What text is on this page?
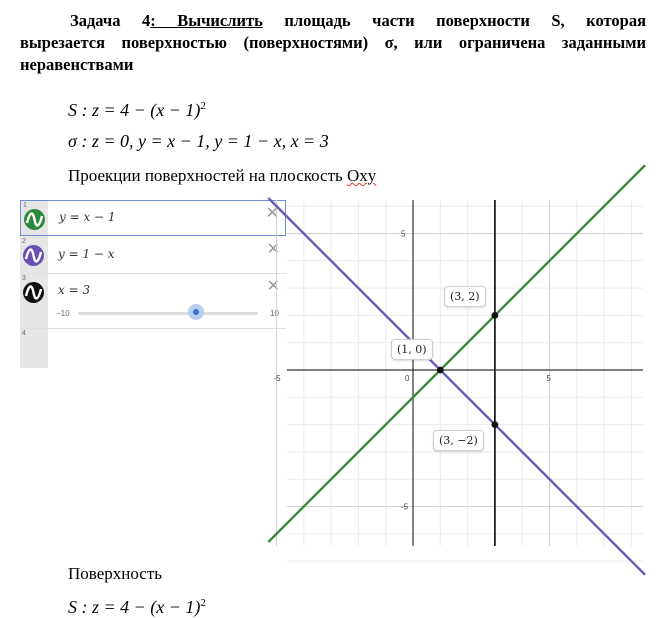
Задача 4: Вычислить площадь части поверхности S, которая
вырезается поверхностью (поверхностями) σ, или ограничена заданными
неравенствами
S : $z = 4 - (x - 1)^2$
σ : z = 0, y = x − 1, y = 1 − x, x = 3
Проекции поверхностей на плоскость Oxy
1
y = x − 1	✕
2
y = 1 − x	✕
3
x = 3	✕
−10	10
4
-5	0	5
5
-5
(3, 2)
(1, 0)
(3, −2)
Поверхность
S : $z = 4 - (x - 1)^2$
